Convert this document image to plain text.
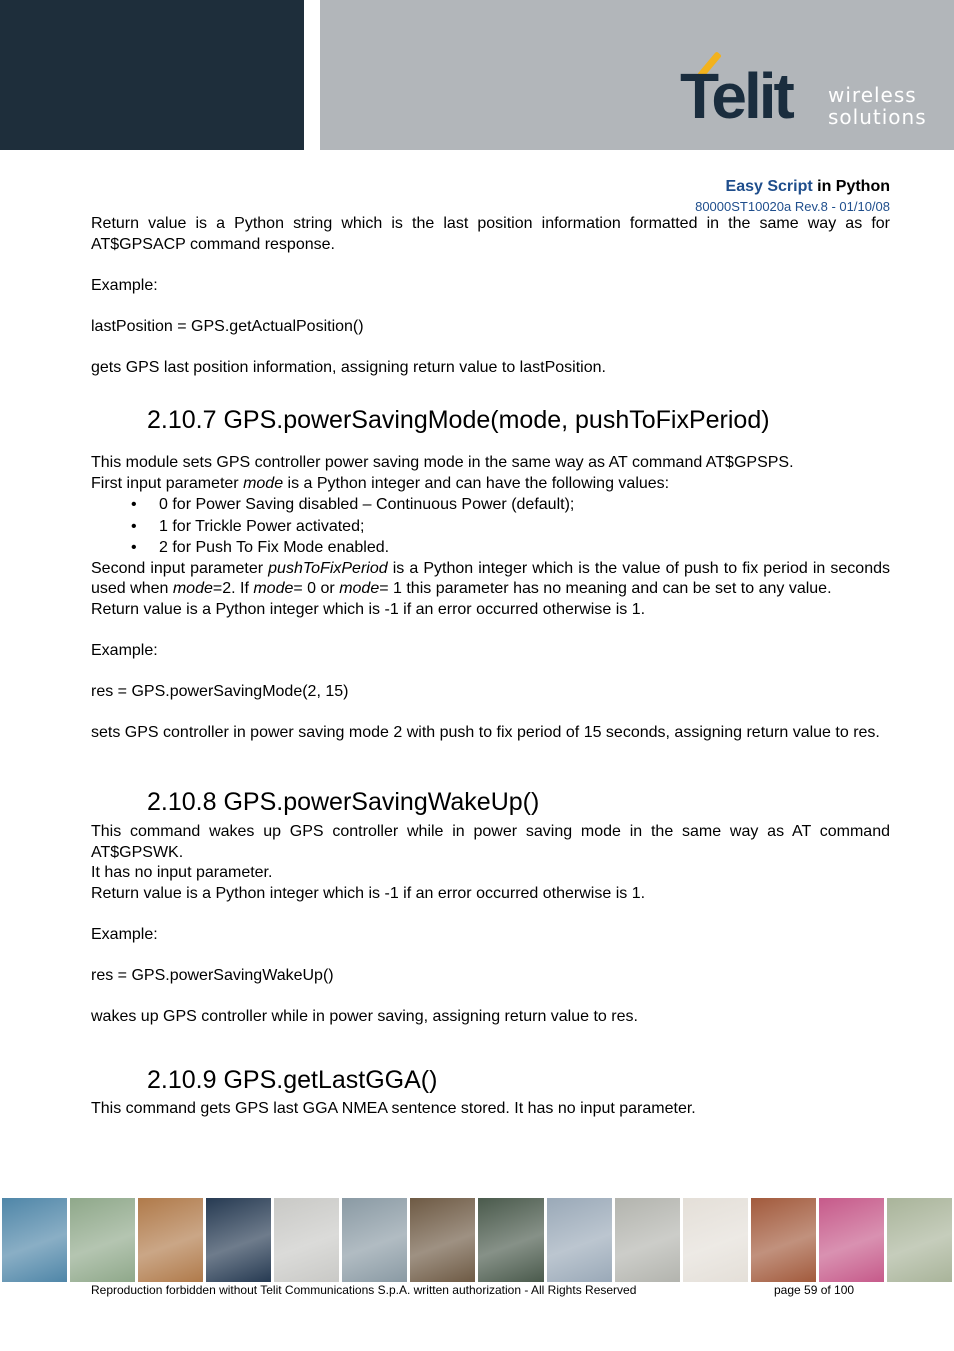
Telit wireless
solutions
Easy Script in Python
80000ST10020a Rev.8 - 01/10/08

Return value is a Python string which is the last position information formatted in the same way as for AT$GPSACP command response.

Example:

lastPosition = GPS.getActualPosition()

gets GPS last position information, assigning return value to lastPosition.

2.10.7 GPS.powerSavingMode(mode, pushToFixPeriod)

This module sets GPS controller power saving mode in the same way as AT command AT$GPSPS.

First input parameter mode is a Python integer and can have the following values:

• 0 for Power Saving disabled – Continuous Power (default);
• 1 for Trickle Power activated;
• 2 for Push To Fix Mode enabled.

Second input parameter pushToFixPeriod is a Python integer which is the value of push to fix period in seconds used when mode=2. If mode= 0 or mode= 1 this parameter has no meaning and can be set to any value.

Return value is a Python integer which is -1 if an error occurred otherwise is 1.

Example:

res = GPS.powerSavingMode(2, 15)

sets GPS controller in power saving mode 2 with push to fix period of 15 seconds, assigning return value to res.

2.10.8 GPS.powerSavingWakeUp()

This command wakes up GPS controller while in power saving mode in the same way as AT command AT$GPSWK.

It has no input parameter.

Return value is a Python integer which is -1 if an error occurred otherwise is 1.

Example:

res = GPS.powerSavingWakeUp()

wakes up GPS controller while in power saving, assigning return value to res.

2.10.9 GPS.getLastGGA()

This command gets GPS last GGA NMEA sentence stored. It has no input parameter.

Reproduction forbidden without Telit Communications S.p.A. written authorization - All Rights Reserved	page 59 of 100
